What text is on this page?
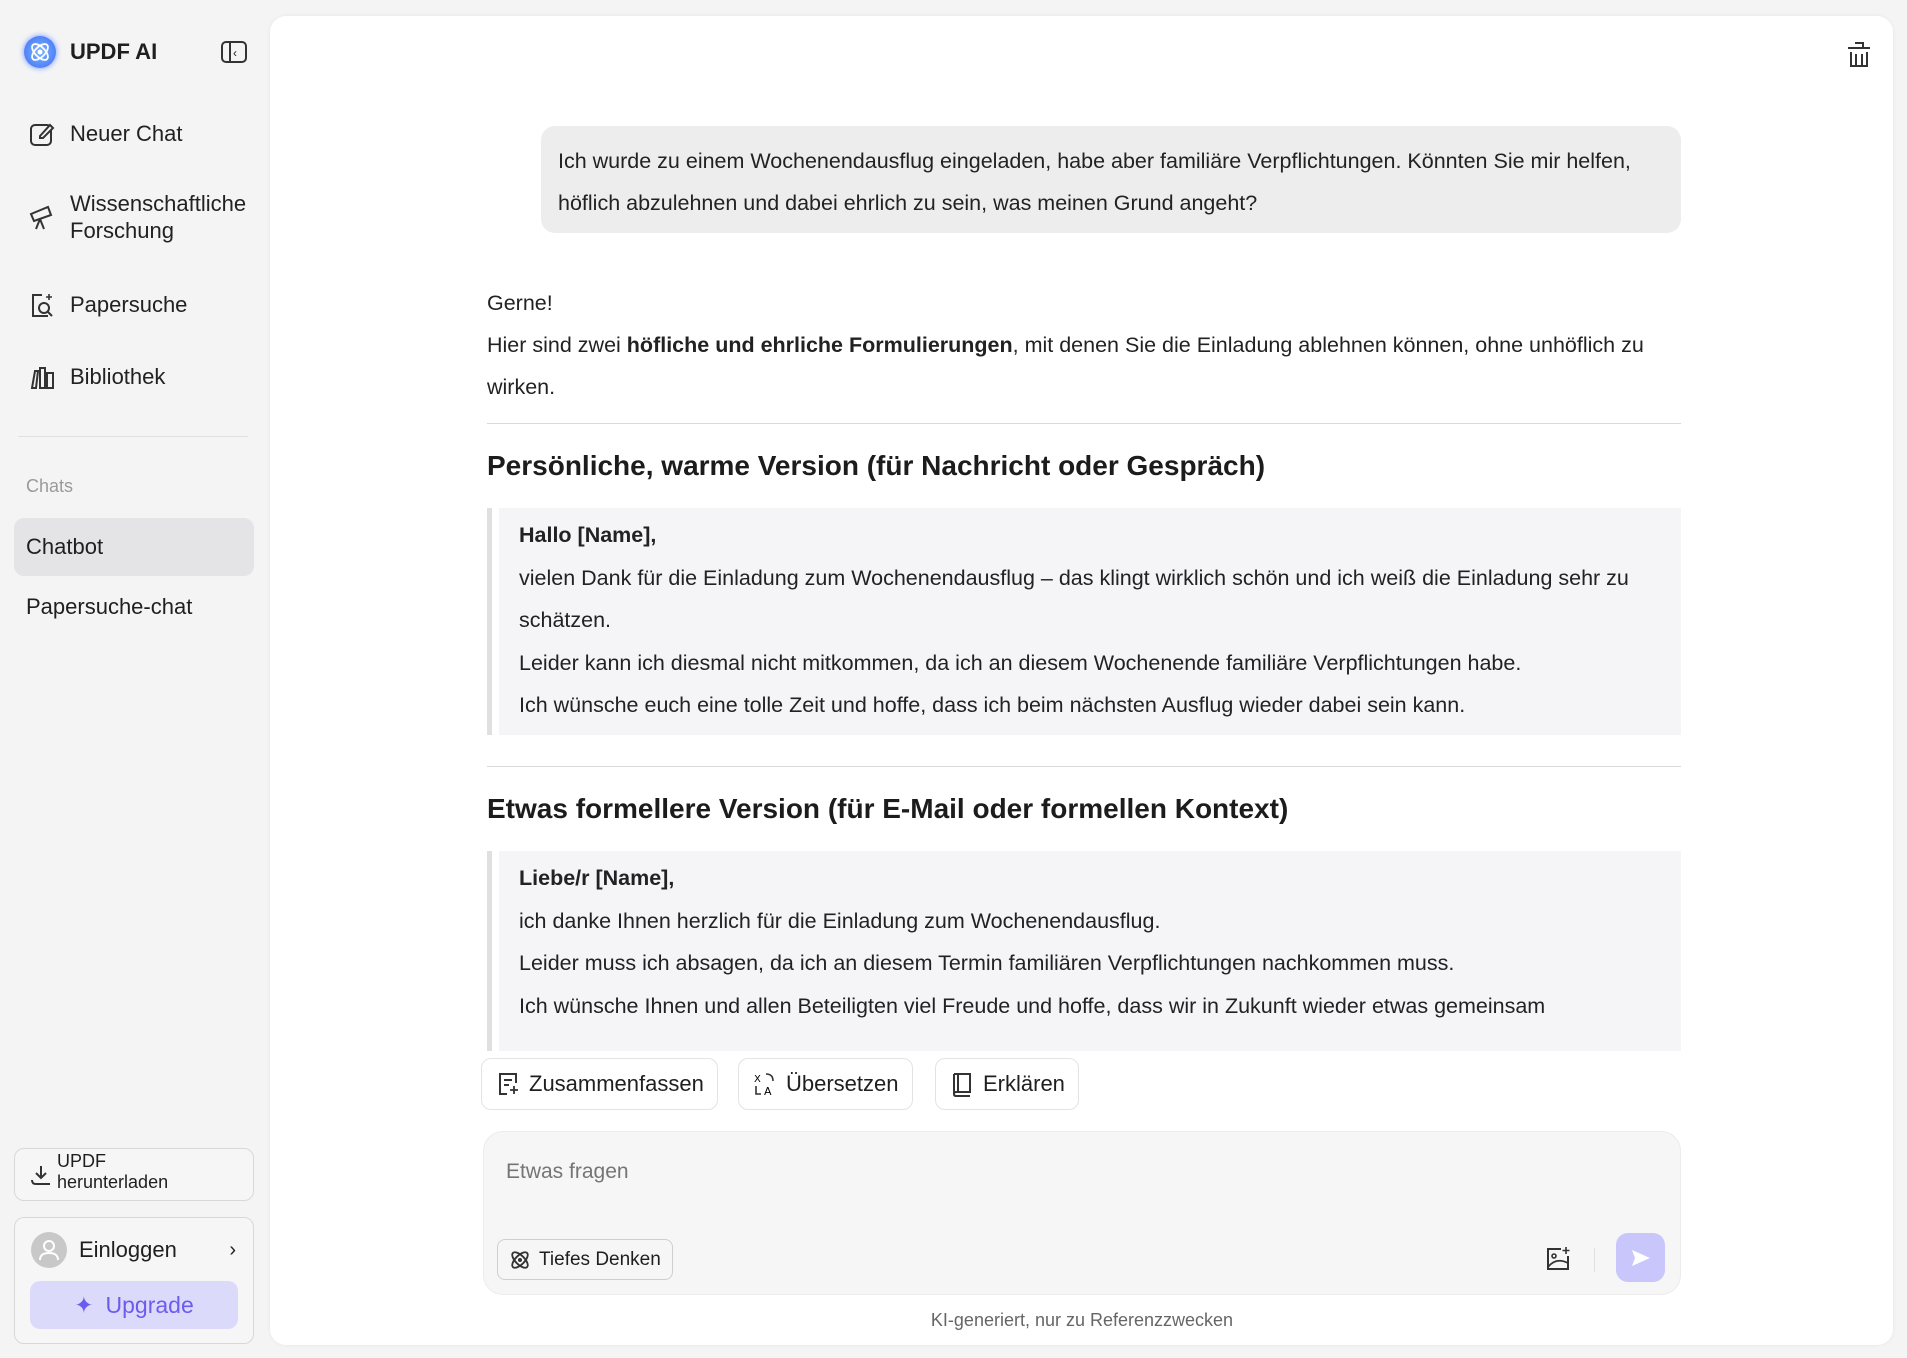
UPDF AI	‹
Neuer Chat
Wissenschaftliche Forschung
Papersuche
Bibliothek
Chats
Chatbot
Papersuche-chat
UPDF herunterladen
Einloggen	›
✦ Upgrade
Ich wurde zu einem Wochenendausflug eingeladen, habe aber familiäre Verpflichtungen. Könnten Sie mir helfen, höflich abzulehnen und dabei ehrlich zu sein, was meinen Grund angeht?
Gerne!
Hier sind zwei höfliche und ehrliche Formulierungen, mit denen Sie die Einladung ablehnen können, ohne unhöflich zu wirken.
Persönliche, warme Version (für Nachricht oder Gespräch)
Hallo [Name],
vielen Dank für die Einladung zum Wochenendausflug – das klingt wirklich schön und ich weiß die Einladung sehr zu schätzen.
Leider kann ich diesmal nicht mitkommen, da ich an diesem Wochenende familiäre Verpflichtungen habe.
Ich wünsche euch eine tolle Zeit und hoffe, dass ich beim nächsten Ausflug wieder dabei sein kann.
Etwas formellere Version (für E-Mail oder formellen Kontext)
Liebe/r [Name],
ich danke Ihnen herzlich für die Einladung zum Wochenendausflug.
Leider muss ich absagen, da ich an diesem Termin familiären Verpflichtungen nachkommen muss.
Ich wünsche Ihnen und allen Beteiligten viel Freude und hoffe, dass wir in Zukunft wieder etwas gemeinsam
Zusammenfassen	X
A Übersetzen	Erklären
Etwas fragen
Tiefes Denken
KI-generiert, nur zu Referenzzwecken
